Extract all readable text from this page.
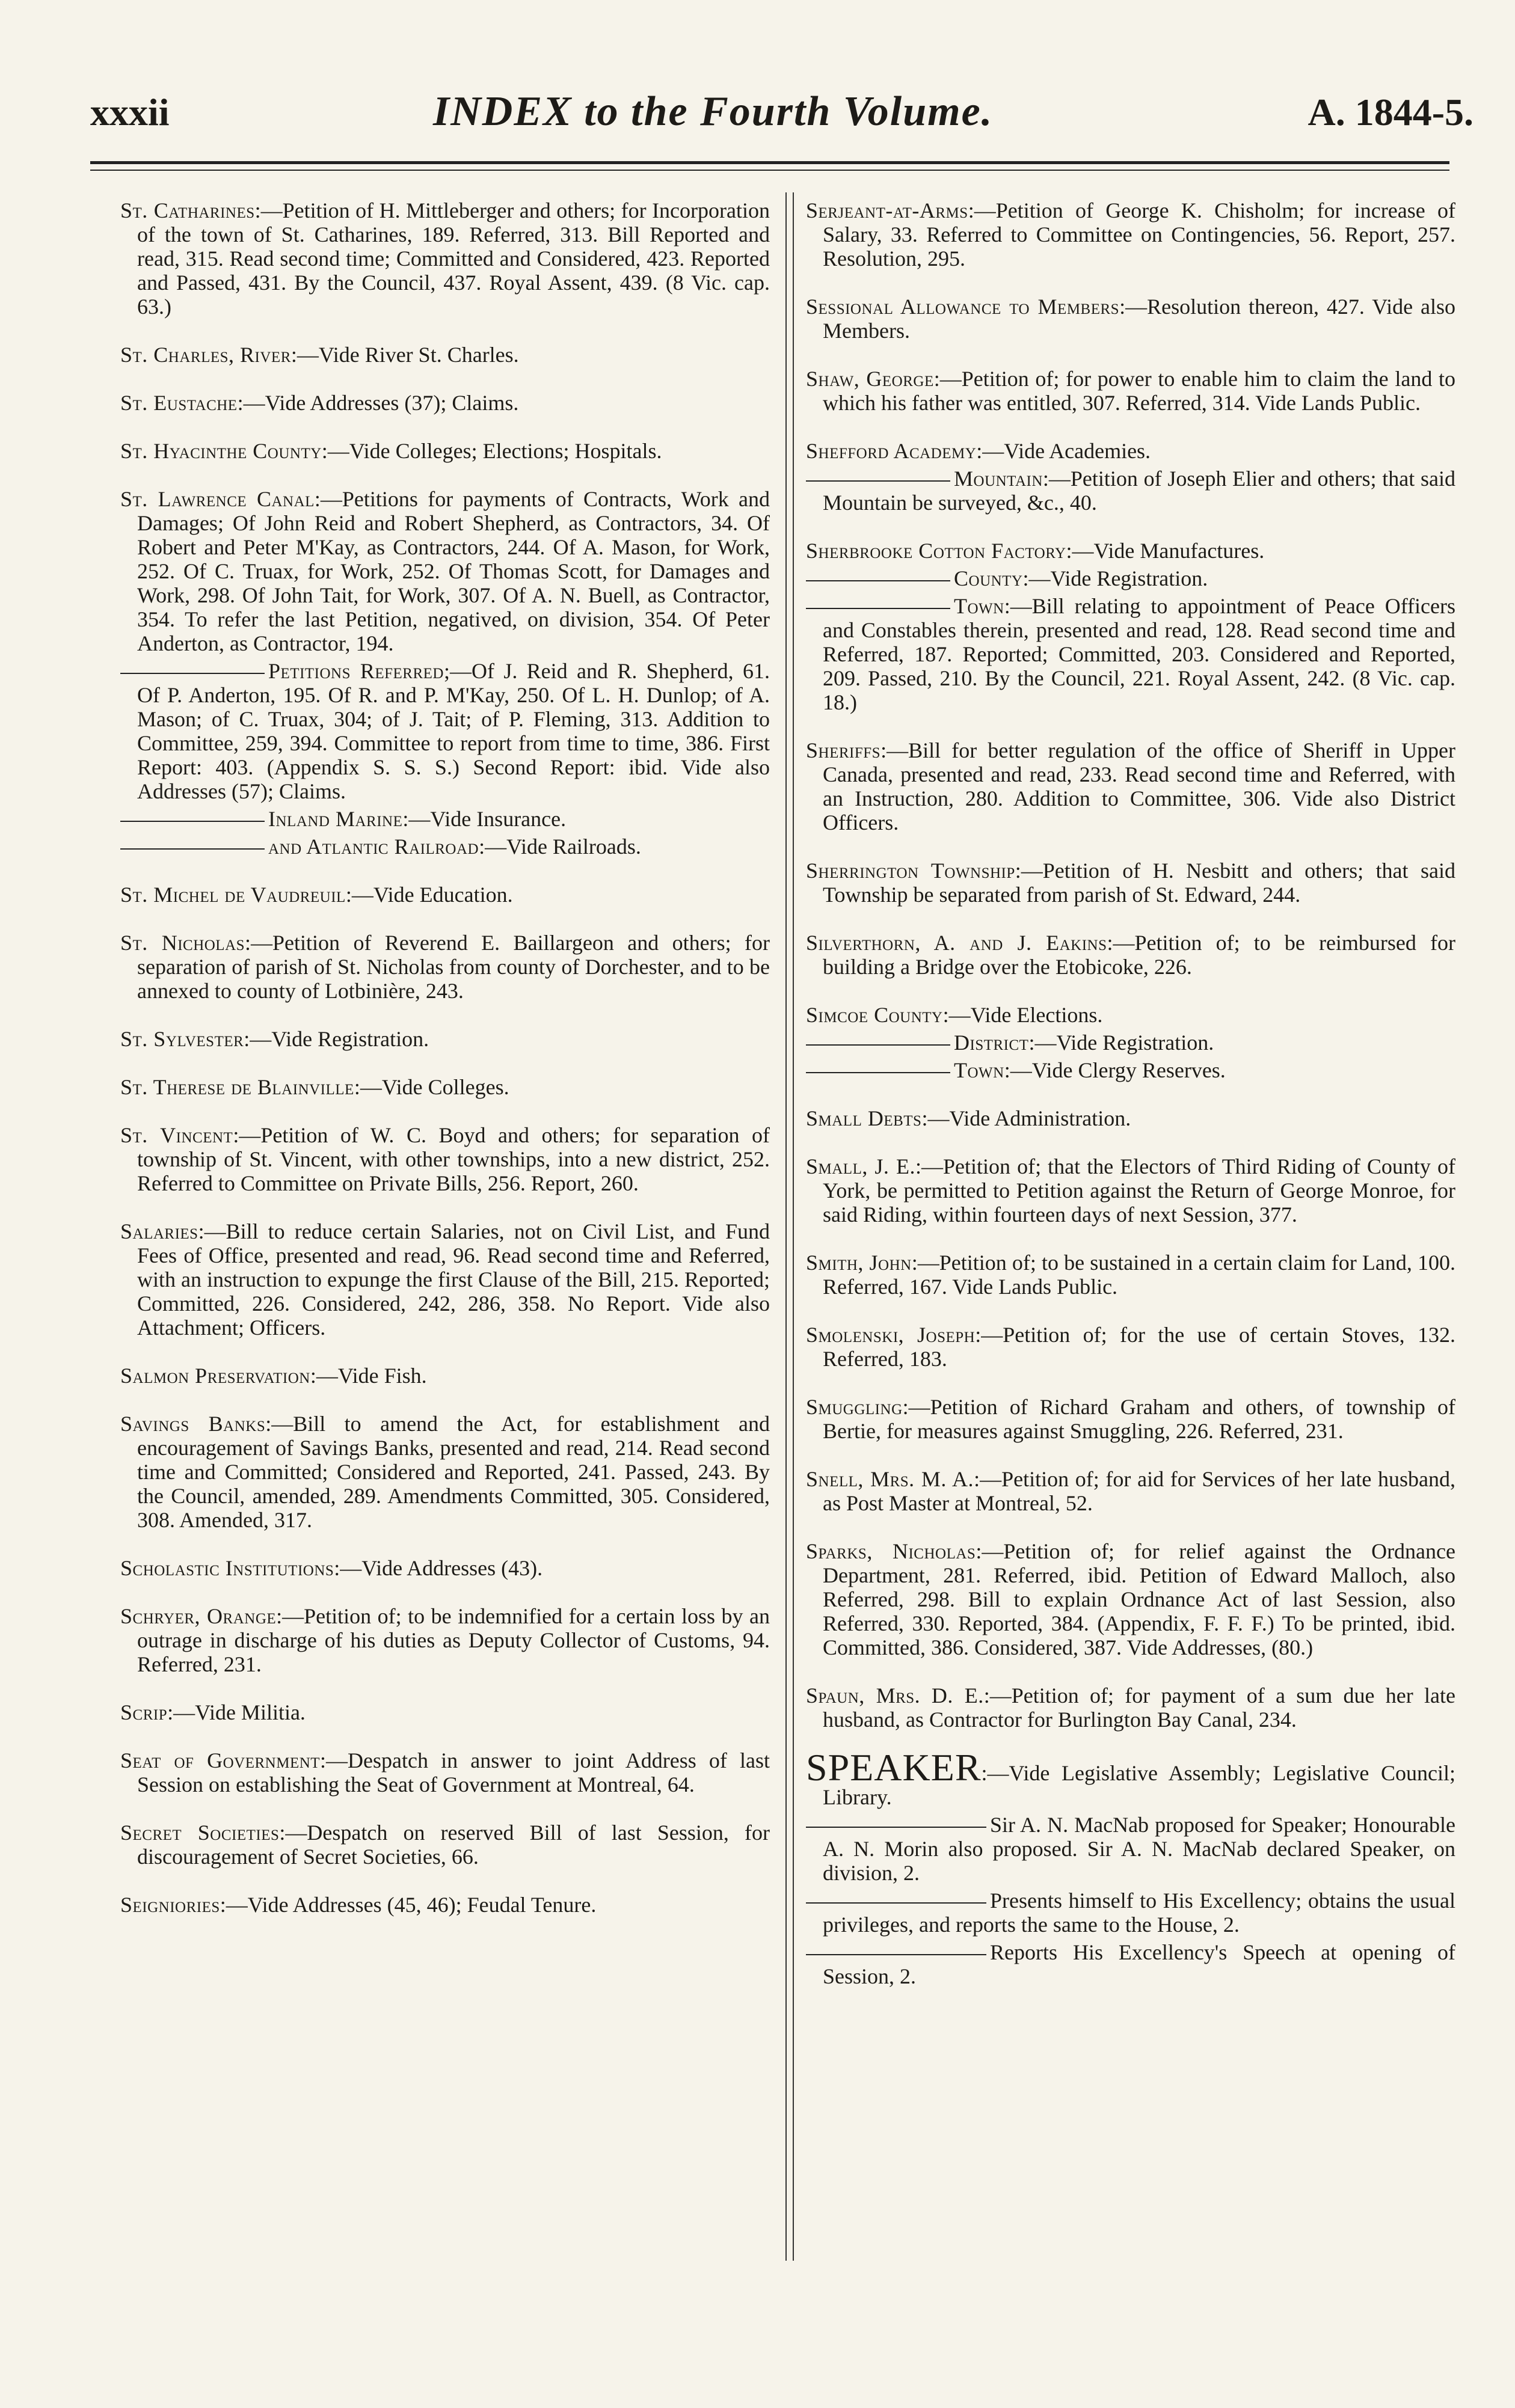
xxxii	INDEX to the Fourth Volume.	A. 1844-5.
St. Catharines:—Petition of H. Mittleberger and others; for Incorporation of the town of St. Catharines, 189. Referred, 313. Bill Reported and read, 315. Read second time; Committed and Considered, 423. Reported and Passed, 431. By the Council, 437. Royal Assent, 439. (8 Vic. cap. 63.)
St. Charles, River:—Vide River St. Charles.
St. Eustache:—Vide Addresses (37); Claims.
St. Hyacinthe County:—Vide Colleges; Elections; Hospitals.
St. Lawrence Canal:—Petitions for payments of Contracts, Work and Damages; Of John Reid and Robert Shepherd, as Contractors, 34. Of Robert and Peter M'Kay, as Contractors, 244. Of A. Mason, for Work, 252. Of C. Truax, for Work, 252. Of Thomas Scott, for Damages and Work, 298. Of John Tait, for Work, 307. Of A. N. Buell, as Contractor, 354. To refer the last Petition, negatived, on division, 354. Of Peter Anderton, as Contractor, 194.
Petitions Referred;—Of J. Reid and R. Shepherd, 61. Of P. Anderton, 195. Of R. and P. M'Kay, 250. Of L. H. Dunlop; of A. Mason; of C. Truax, 304; of J. Tait; of P. Fleming, 313. Addition to Committee, 259, 394. Committee to report from time to time, 386. First Report: 403. (Appendix S. S. S.) Second Report: ibid. Vide also Addresses (57); Claims.
Inland Marine:—Vide Insurance.
and Atlantic Railroad:—Vide Railroads.
St. Michel de Vaudreuil:—Vide Education.
St. Nicholas:—Petition of Reverend E. Baillargeon and others; for separation of parish of St. Nicholas from county of Dorchester, and to be annexed to county of Lotbinière, 243.
St. Sylvester:—Vide Registration.
St. Therese de Blainville:—Vide Colleges.
St. Vincent:—Petition of W. C. Boyd and others; for separation of township of St. Vincent, with other townships, into a new district, 252. Referred to Committee on Private Bills, 256. Report, 260.
Salaries:—Bill to reduce certain Salaries, not on Civil List, and Fund Fees of Office, presented and read, 96. Read second time and Referred, with an instruction to expunge the first Clause of the Bill, 215. Reported; Committed, 226. Considered, 242, 286, 358. No Report. Vide also Attachment; Officers.
Salmon Preservation:—Vide Fish.
Savings Banks:—Bill to amend the Act, for establishment and encouragement of Savings Banks, presented and read, 214. Read second time and Committed; Considered and Reported, 241. Passed, 243. By the Council, amended, 289. Amendments Committed, 305. Considered, 308. Amended, 317.
Scholastic Institutions:—Vide Addresses (43).
Schryer, Orange:—Petition of; to be indemnified for a certain loss by an outrage in discharge of his duties as Deputy Collector of Customs, 94. Referred, 231.
Scrip:—Vide Militia.
Seat of Government:—Despatch in answer to joint Address of last Session on establishing the Seat of Government at Montreal, 64.
Secret Societies:—Despatch on reserved Bill of last Session, for discouragement of Secret Societies, 66.
Seigniories:—Vide Addresses (45, 46); Feudal Tenure.
Serjeant-at-Arms:—Petition of George K. Chisholm; for increase of Salary, 33. Referred to Committee on Contingencies, 56. Report, 257. Resolution, 295.
Sessional Allowance to Members:—Resolution thereon, 427. Vide also Members.
Shaw, George:—Petition of; for power to enable him to claim the land to which his father was entitled, 307. Referred, 314. Vide Lands Public.
Shefford Academy:—Vide Academies.
Mountain:—Petition of Joseph Elier and others; that said Mountain be surveyed, &c., 40.
Sherbrooke Cotton Factory:—Vide Manufactures.
County:—Vide Registration.
Town:—Bill relating to appointment of Peace Officers and Constables therein, presented and read, 128. Read second time and Referred, 187. Reported; Committed, 203. Considered and Reported, 209. Passed, 210. By the Council, 221. Royal Assent, 242. (8 Vic. cap. 18.)
Sheriffs:—Bill for better regulation of the office of Sheriff in Upper Canada, presented and read, 233. Read second time and Referred, with an Instruction, 280. Addition to Committee, 306. Vide also District Officers.
Sherrington Township:—Petition of H. Nesbitt and others; that said Township be separated from parish of St. Edward, 244.
Silverthorn, A. and J. Eakins:—Petition of; to be reimbursed for building a Bridge over the Etobicoke, 226.
Simcoe County:—Vide Elections.
District:—Vide Registration.
Town:—Vide Clergy Reserves.
Small Debts:—Vide Administration.
Small, J. E.:—Petition of; that the Electors of Third Riding of County of York, be permitted to Petition against the Return of George Monroe, for said Riding, within fourteen days of next Session, 377.
Smith, John:—Petition of; to be sustained in a certain claim for Land, 100. Referred, 167. Vide Lands Public.
Smolenski, Joseph:—Petition of; for the use of certain Stoves, 132. Referred, 183.
Smuggling:—Petition of Richard Graham and others, of township of Bertie, for measures against Smuggling, 226. Referred, 231.
Snell, Mrs. M. A.:—Petition of; for aid for Services of her late husband, as Post Master at Montreal, 52.
Sparks, Nicholas:—Petition of; for relief against the Ordnance Department, 281. Referred, ibid. Petition of Edward Malloch, also Referred, 298. Bill to explain Ordnance Act of last Session, also Referred, 330. Reported, 384. (Appendix, F. F. F.) To be printed, ibid. Committed, 386. Considered, 387. Vide Addresses, (80.)
Spaun, Mrs. D. E.:—Petition of; for payment of a sum due her late husband, as Contractor for Burlington Bay Canal, 234.
SPEAKER:—Vide Legislative Assembly; Legislative Council; Library.
Sir A. N. MacNab proposed for Speaker; Honourable A. N. Morin also proposed. Sir A. N. MacNab declared Speaker, on division, 2.
Presents himself to His Excellency; obtains the usual privileges, and reports the same to the House, 2.
Reports His Excellency's Speech at opening of Session, 2.
